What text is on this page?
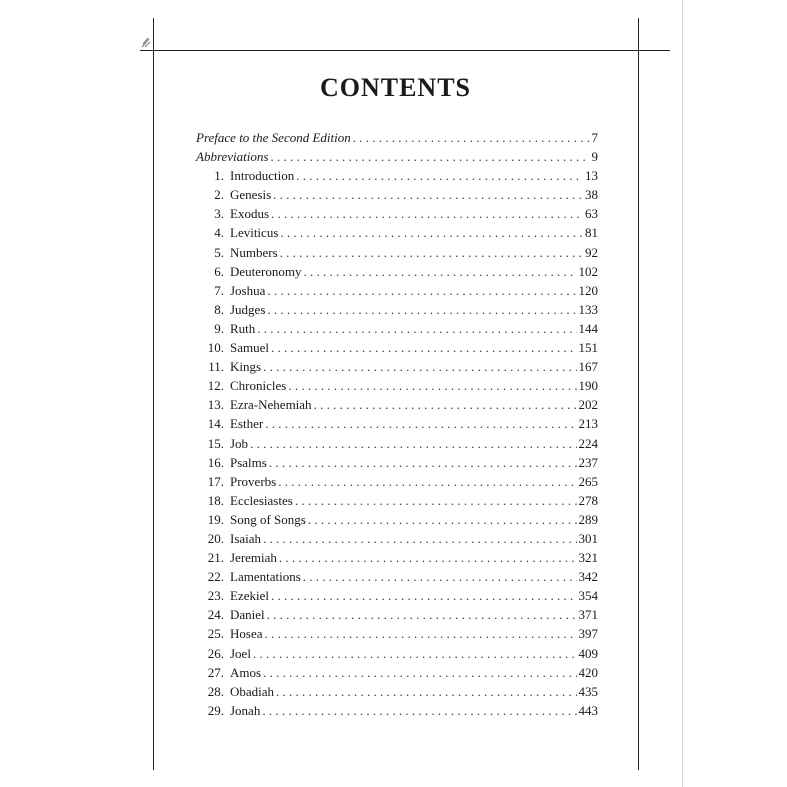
CONTENTS
Preface to the Second Edition . . .	7
Abbreviations . . .	9
1. Introduction . . .	13
2. Genesis . . .	38
3. Exodus . . .	63
4. Leviticus . . .	81
5. Numbers . . .	92
6. Deuteronomy . . .	102
7. Joshua . . .	120
8. Judges . . .	133
9. Ruth . . .	144
10. Samuel . . .	151
11. Kings . . .	167
12. Chronicles . . .	190
13. Ezra-Nehemiah . . .	202
14. Esther . . .	213
15. Job . . .	224
16. Psalms . . .	237
17. Proverbs . . .	265
18. Ecclesiastes . . .	278
19. Song of Songs . . .	289
20. Isaiah . . .	301
21. Jeremiah . . .	321
22. Lamentations . . .	342
23. Ezekiel . . .	354
24. Daniel . . .	371
25. Hosea . . .	397
26. Joel . . .	409
27. Amos . . .	420
28. Obadiah . . .	435
29. Jonah . . .	443
